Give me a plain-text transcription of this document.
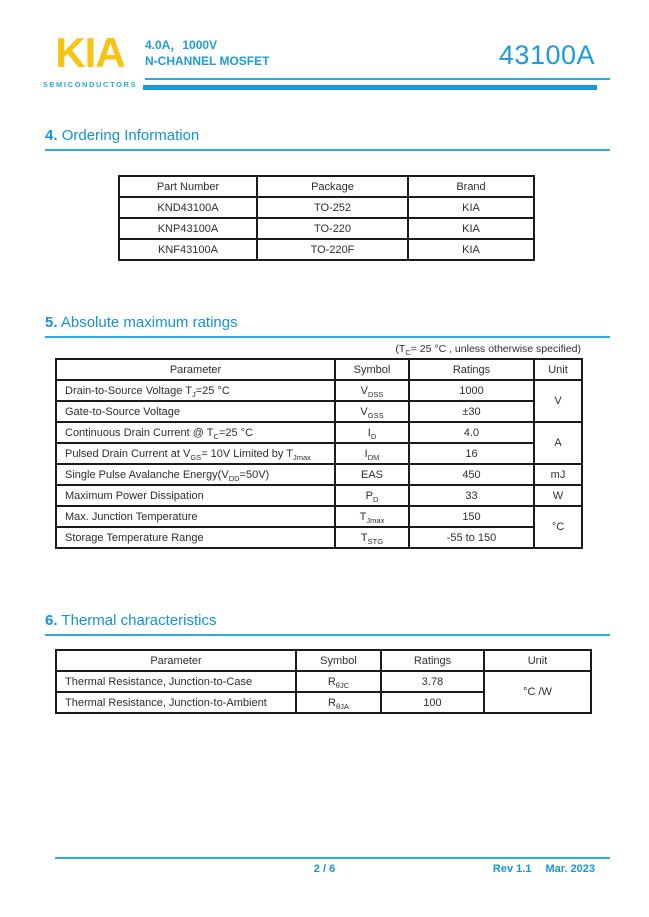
KIA
SEMICONDUCTORS
4.0A，1000V
N-CHANNEL MOSFET	43100A
4. Ordering Information
Part Number	Package	Brand
KND43100A	TO-252	KIA
KNP43100A	TO-220	KIA
KNF43100A	TO-220F	KIA
5. Absolute maximum ratings
($T_C= 25$ °C , unless otherwise specified)
Parameter	Symbol	Ratings	Unit
Drain-to-Source Voltage $T_J=25$ °C	$V_{DSS}$	1000	V
Gate-to-Source Voltage	$V_{GSS}$	±30	
Continuous Drain Current @ $T_C=25$ °C	$I_D$	4.0	A
Pulsed Drain Current at $V_{GS}= 10V$ Limited by $T_{Jmax}$	$I_{DM}$	16	
Single Pulse Avalanche $Energy(V_{DD}=50V)$	EAS	450	mJ
Maximum Power Dissipation	$P_D$	33	W
Max. Junction Temperature	$T_{Jmax}$	150	°C
Storage Temperature Range	$T_{STG}$	-55 to 150	
6. Thermal characteristics
Parameter	Symbol	Ratings	Unit
Thermal Resistance, Junction-to-Case	$R_{\theta JC}$	3.78	°C /W
Thermal Resistance, Junction-to-Ambient	$R_{\theta JA}$	100	
2 / 6	Rev 1.1 Mar. 2023
